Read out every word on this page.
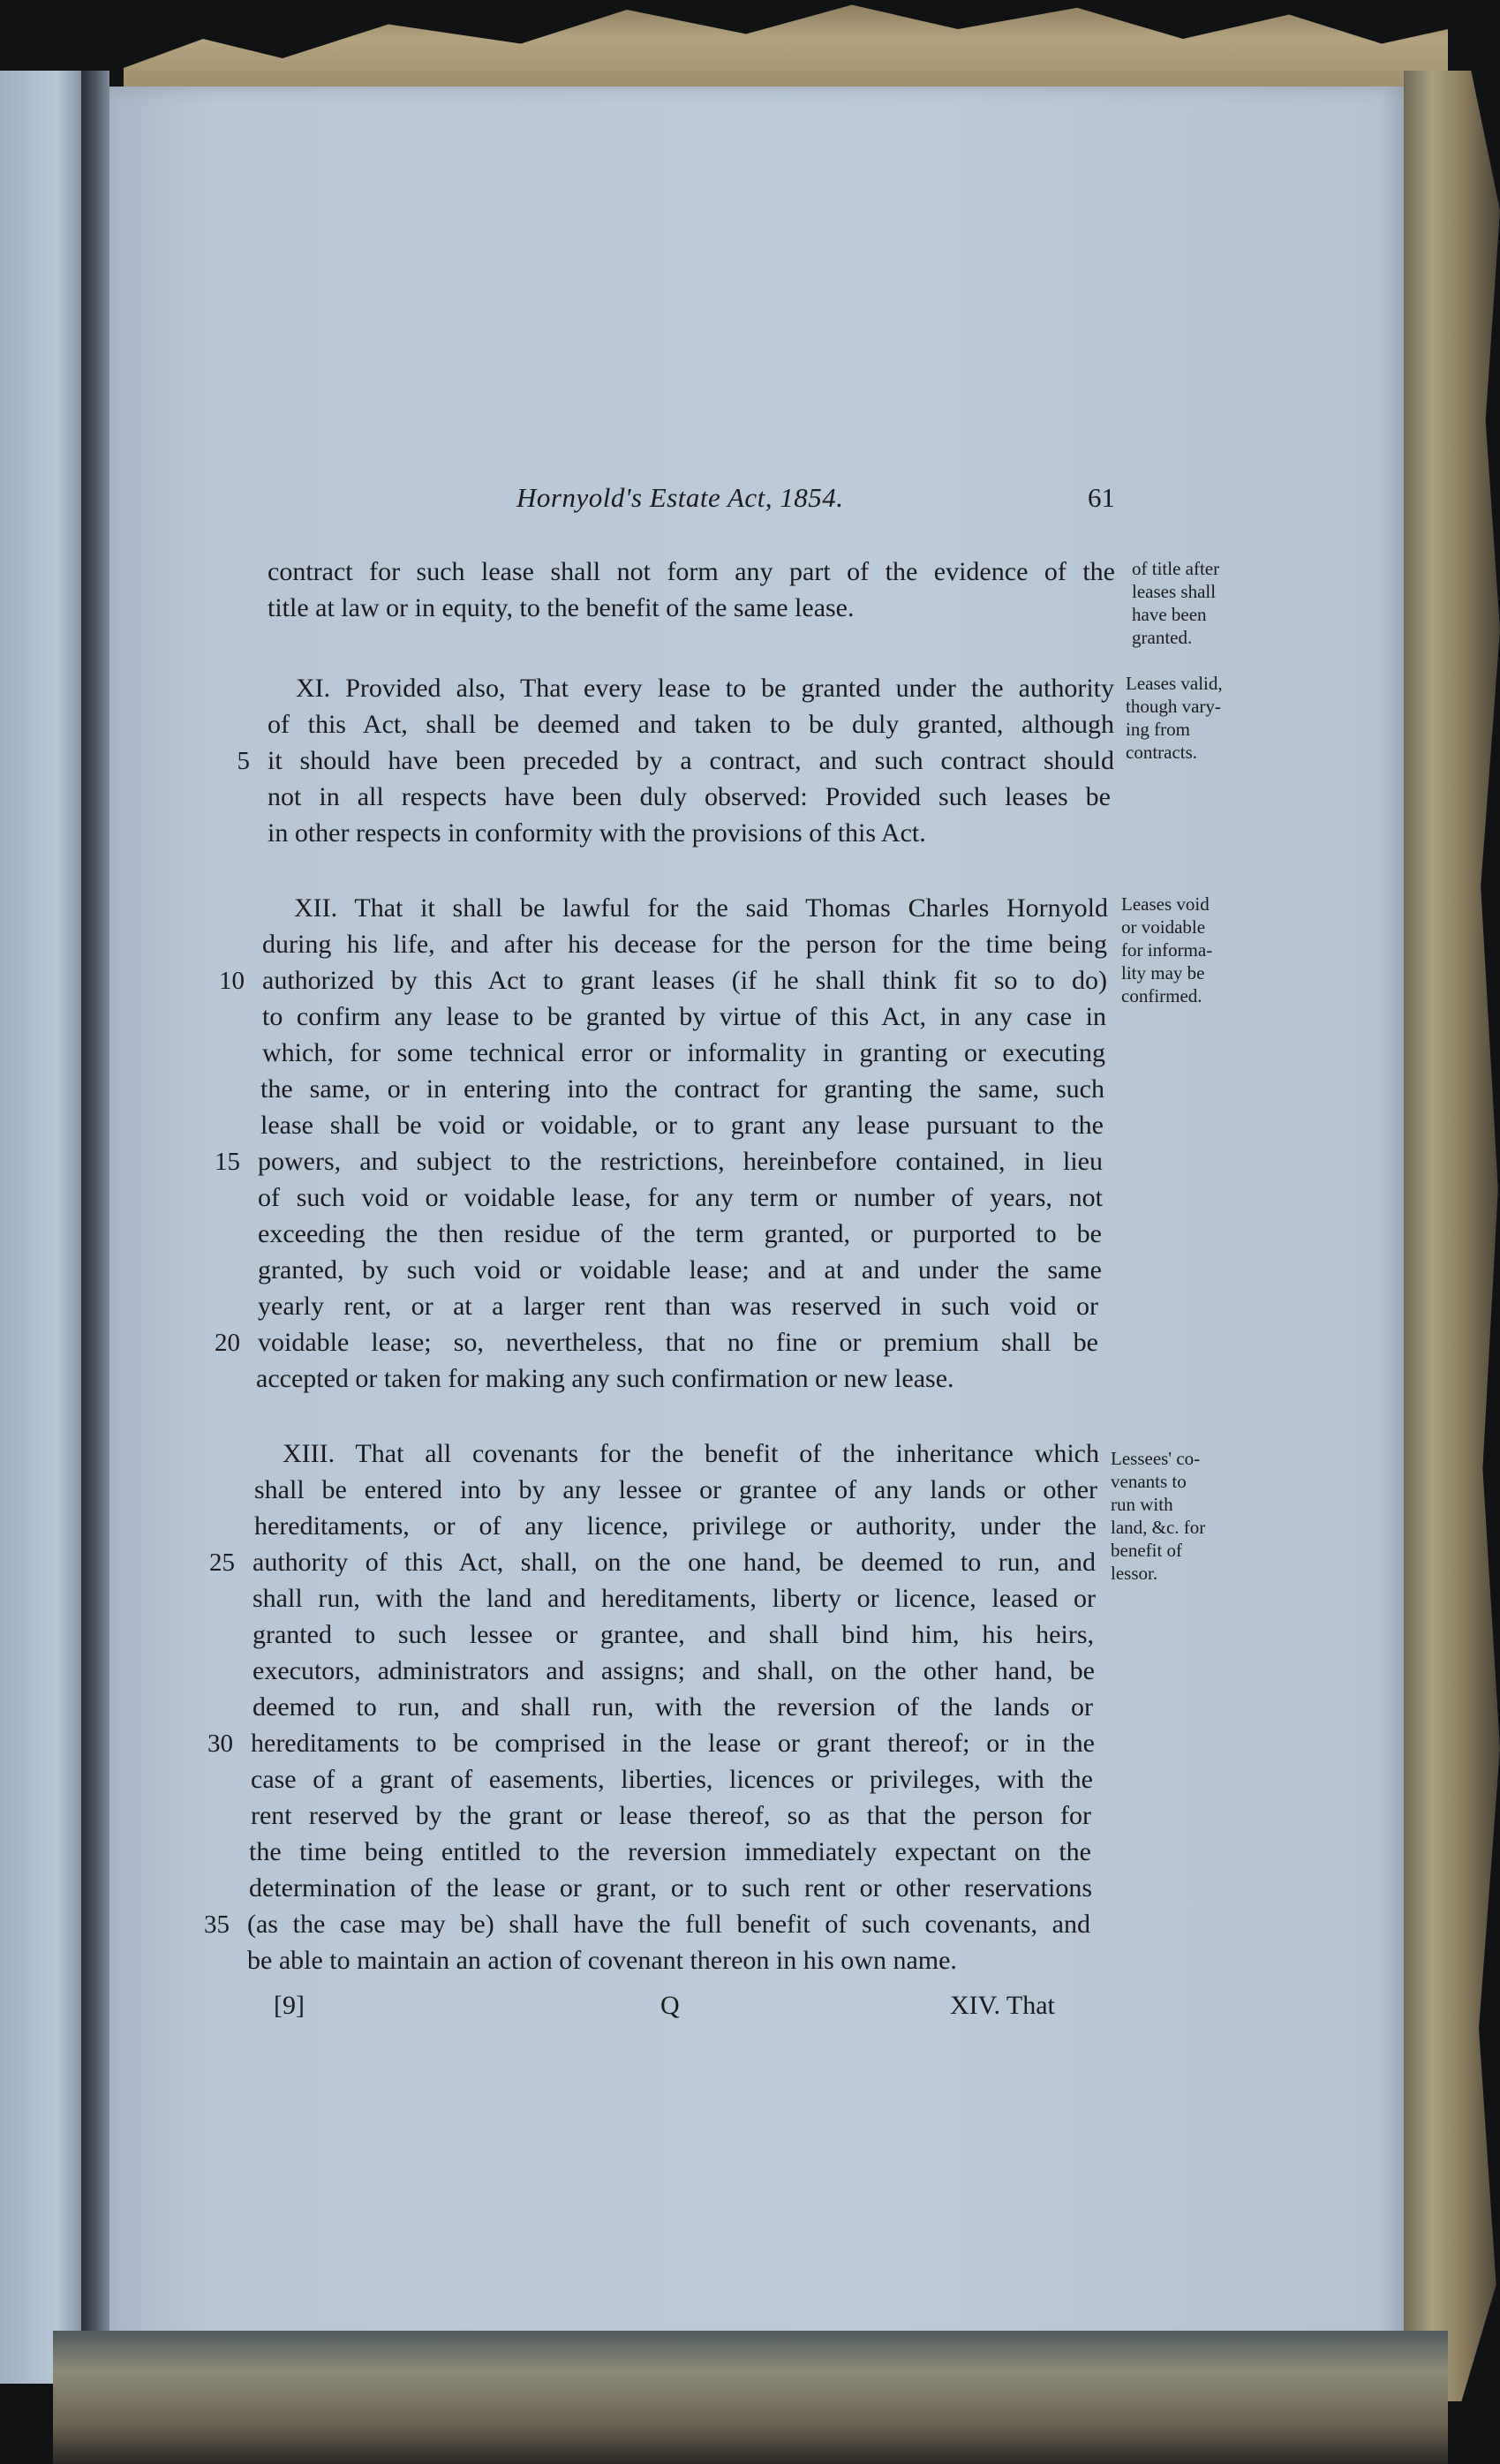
Hornyold's Estate Act, 1854.	61
contract for such lease shall not form any part of the evidence of the
title at law or in equity, to the benefit of the same lease.
XI. Provided also, That every lease to be granted under the authority
of this Act, shall be deemed and taken to be duly granted, although
it should have been preceded by a contract, and such contract should
5
not in all respects have been duly observed: Provided such leases be
in other respects in conformity with the provisions of this Act.
XII. That it shall be lawful for the said Thomas Charles Hornyold
during his life, and after his decease for the person for the time being
authorized by this Act to grant leases (if he shall think fit so to do)
10
to confirm any lease to be granted by virtue of this Act, in any case in
which, for some technical error or informality in granting or executing
the same, or in entering into the contract for granting the same, such
lease shall be void or voidable, or to grant any lease pursuant to the
powers, and subject to the restrictions, hereinbefore contained, in lieu
15
of such void or voidable lease, for any term or number of years, not
exceeding the then residue of the term granted, or purported to be
granted, by such void or voidable lease; and at and under the same
yearly rent, or at a larger rent than was reserved in such void or
voidable lease; so, nevertheless, that no fine or premium shall be
20
accepted or taken for making any such confirmation or new lease.
XIII. That all covenants for the benefit of the inheritance which
shall be entered into by any lessee or grantee of any lands or other
hereditaments, or of any licence, privilege or authority, under the
authority of this Act, shall, on the one hand, be deemed to run, and
25
shall run, with the land and hereditaments, liberty or licence, leased or
granted to such lessee or grantee, and shall bind him, his heirs,
executors, administrators and assigns; and shall, on the other hand, be
deemed to run, and shall run, with the reversion of the lands or
hereditaments to be comprised in the lease or grant thereof; or in the
30
case of a grant of easements, liberties, licences or privileges, with the
rent reserved by the grant or lease thereof, so as that the person for
the time being entitled to the reversion immediately expectant on the
determination of the lease or grant, or to such rent or other reservations
(as the case may be) shall have the full benefit of such covenants, and
35
be able to maintain an action of covenant thereon in his own name.
of title after
leases shall
have been
granted.
Leases valid,
though vary-
ing from
contracts.
Leases void
or voidable
for informa-
lity may be
confirmed.
Lessees' co-
venants to
run with
land, &c. for
benefit of
lessor.
[9]	Q	XIV. That
